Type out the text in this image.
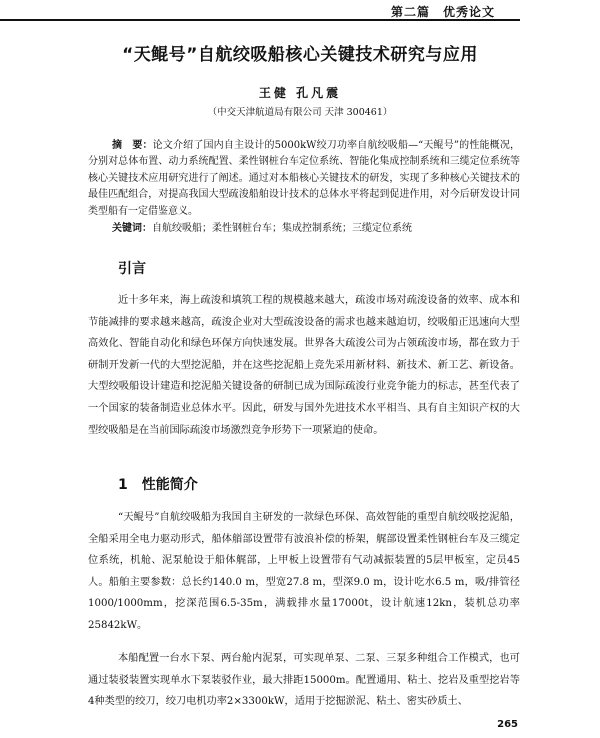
第二篇　优秀论文
“天鲲号”自航绞吸船核心关键技术研究与应用
王健 孔凡震
（中交天津航道局有限公司 天津 300461）
摘　要：论文介绍了国内自主设计的5000kW绞刀功率自航绞吸船—“天鲲号”的性能概况，分别对总体布置、动力系统配置、柔性钢桩台车定位系统、智能化集成控制系统和三缆定位系统等核心关键技术应用研究进行了阐述。通过对本船核心关键技术的研发，实现了多种核心关键技术的最佳匹配组合，对提高我国大型疏浚船舶设计技术的总体水平将起到促进作用，对今后研发设计同类型船有一定借鉴意义。
关键词：自航绞吸船；柔性钢桩台车；集成控制系统；三缆定位系统
引言

近十多年来，海上疏浚和填筑工程的规模越来越大，疏浚市场对疏浚设备的效率、成本和节能减排的要求越来越高，疏浚企业对大型疏浚设备的需求也越来越迫切，绞吸船正迅速向大型高效化、智能自动化和绿色环保方向快速发展。世界各大疏浚公司为占领疏浚市场，都在致力于研制开发新一代的大型挖泥船，并在这些挖泥船上竞先采用新材料、新技术、新工艺、新设备。大型绞吸船设计建造和挖泥船关键设备的研制已成为国际疏浚行业竞争能力的标志，甚至代表了一个国家的装备制造业总体水平。因此，研发与国外先进技术水平相当、具有自主知识产权的大型绞吸船是在当前国际疏浚市场激烈竞争形势下一项紧迫的使命。

1　性能简介

“天鲲号”自航绞吸船为我国自主研发的一款绿色环保、高效智能的重型自航绞吸挖泥船，全船采用全电力驱动形式，船体艏部设置带有波浪补偿的桥架，艉部设置柔性钢桩台车及三缆定位系统，机舱、泥泵舱设于船体艉部，上甲板上设置带有气动减振装置的5层甲板室，定员45人。船舶主要参数：总长约140.0 m，型宽27.8 m，型深9.0 m，设计吃水6.5 m，吸/排管径1000/1000mm，挖深范围6.5-35m，满载排水量17000t，设计航速12kn，装机总功率25842kW。

本船配置一台水下泵、两台舱内泥泵，可实现单泵、二泵、三泵多种组合工作模式，也可通过装驳装置实现单水下泵装驳作业，最大排距15000m。配置通用、粘土、挖岩及重型挖岩等4种类型的绞刀，绞刀电机功率2×3300kW，适用于挖掘淤泥、粘土、密实砂质土、

265
